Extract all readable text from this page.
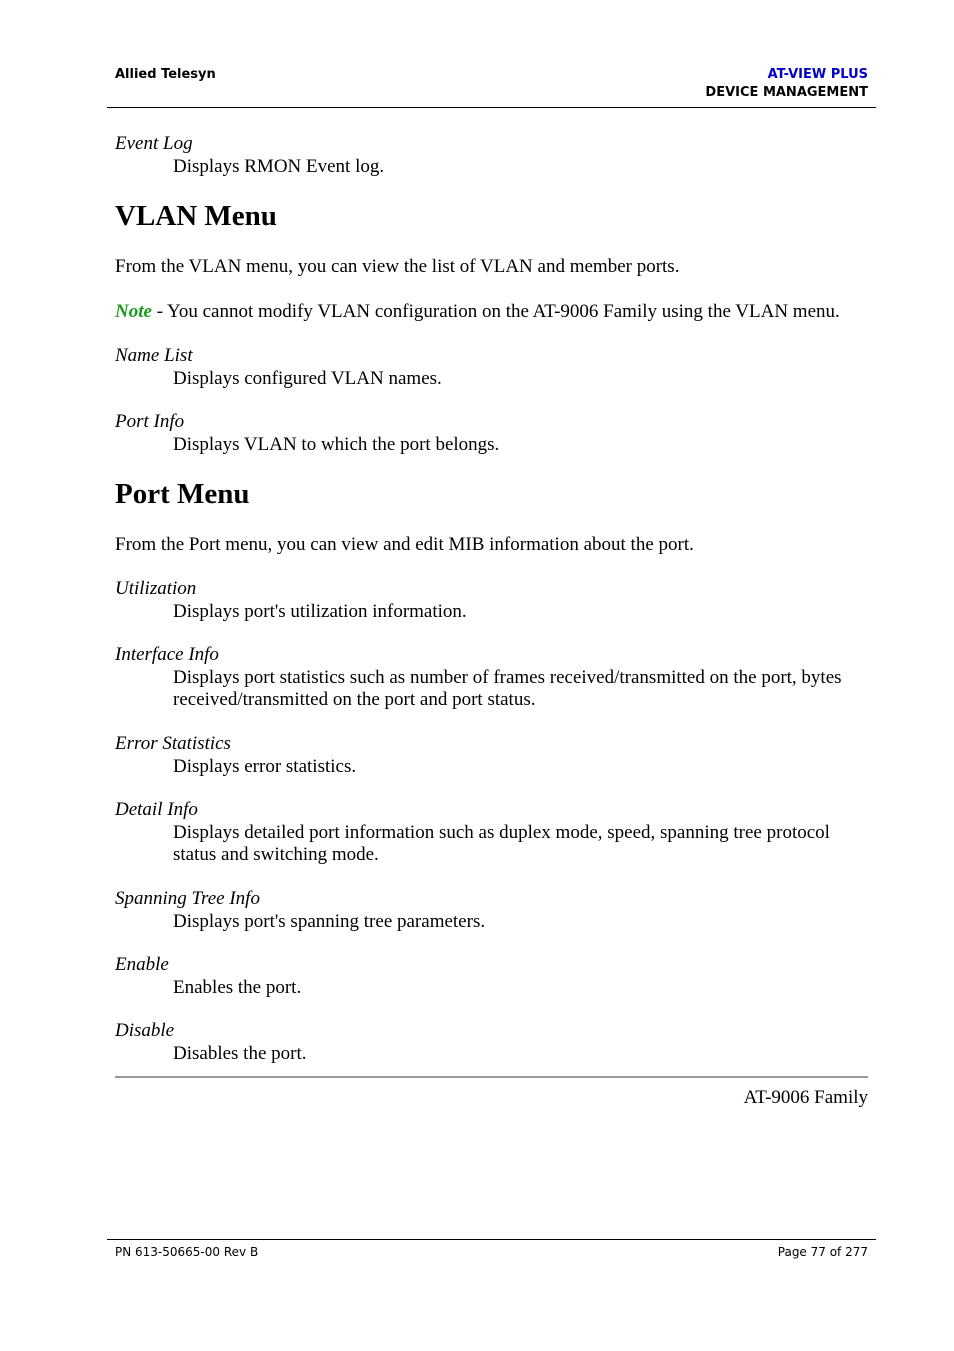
Allied Telesyn	AT-VIEW PLUS
DEVICE MANAGEMENT
Event Log
Displays RMON Event log.
VLAN Menu
From the VLAN menu, you can view the list of VLAN and member ports.
Note - You cannot modify VLAN configuration on the AT-9006 Family using the VLAN menu.
Name List
Displays configured VLAN names.
Port Info
Displays VLAN to which the port belongs.
Port Menu
From the Port menu, you can view and edit MIB information about the port.
Utilization
Displays port's utilization information.
Interface Info
Displays port statistics such as number of frames received/transmitted on the port, bytes received/transmitted on the port and port status.
Error Statistics
Displays error statistics.
Detail Info
Displays detailed port information such as duplex mode, speed, spanning tree protocol status and switching mode.
Spanning Tree Info
Displays port's spanning tree parameters.
Enable
Enables the port.
Disable
Disables the port.
AT-9006 Family
PN 613-50665-00 Rev B	Page 77 of 277
